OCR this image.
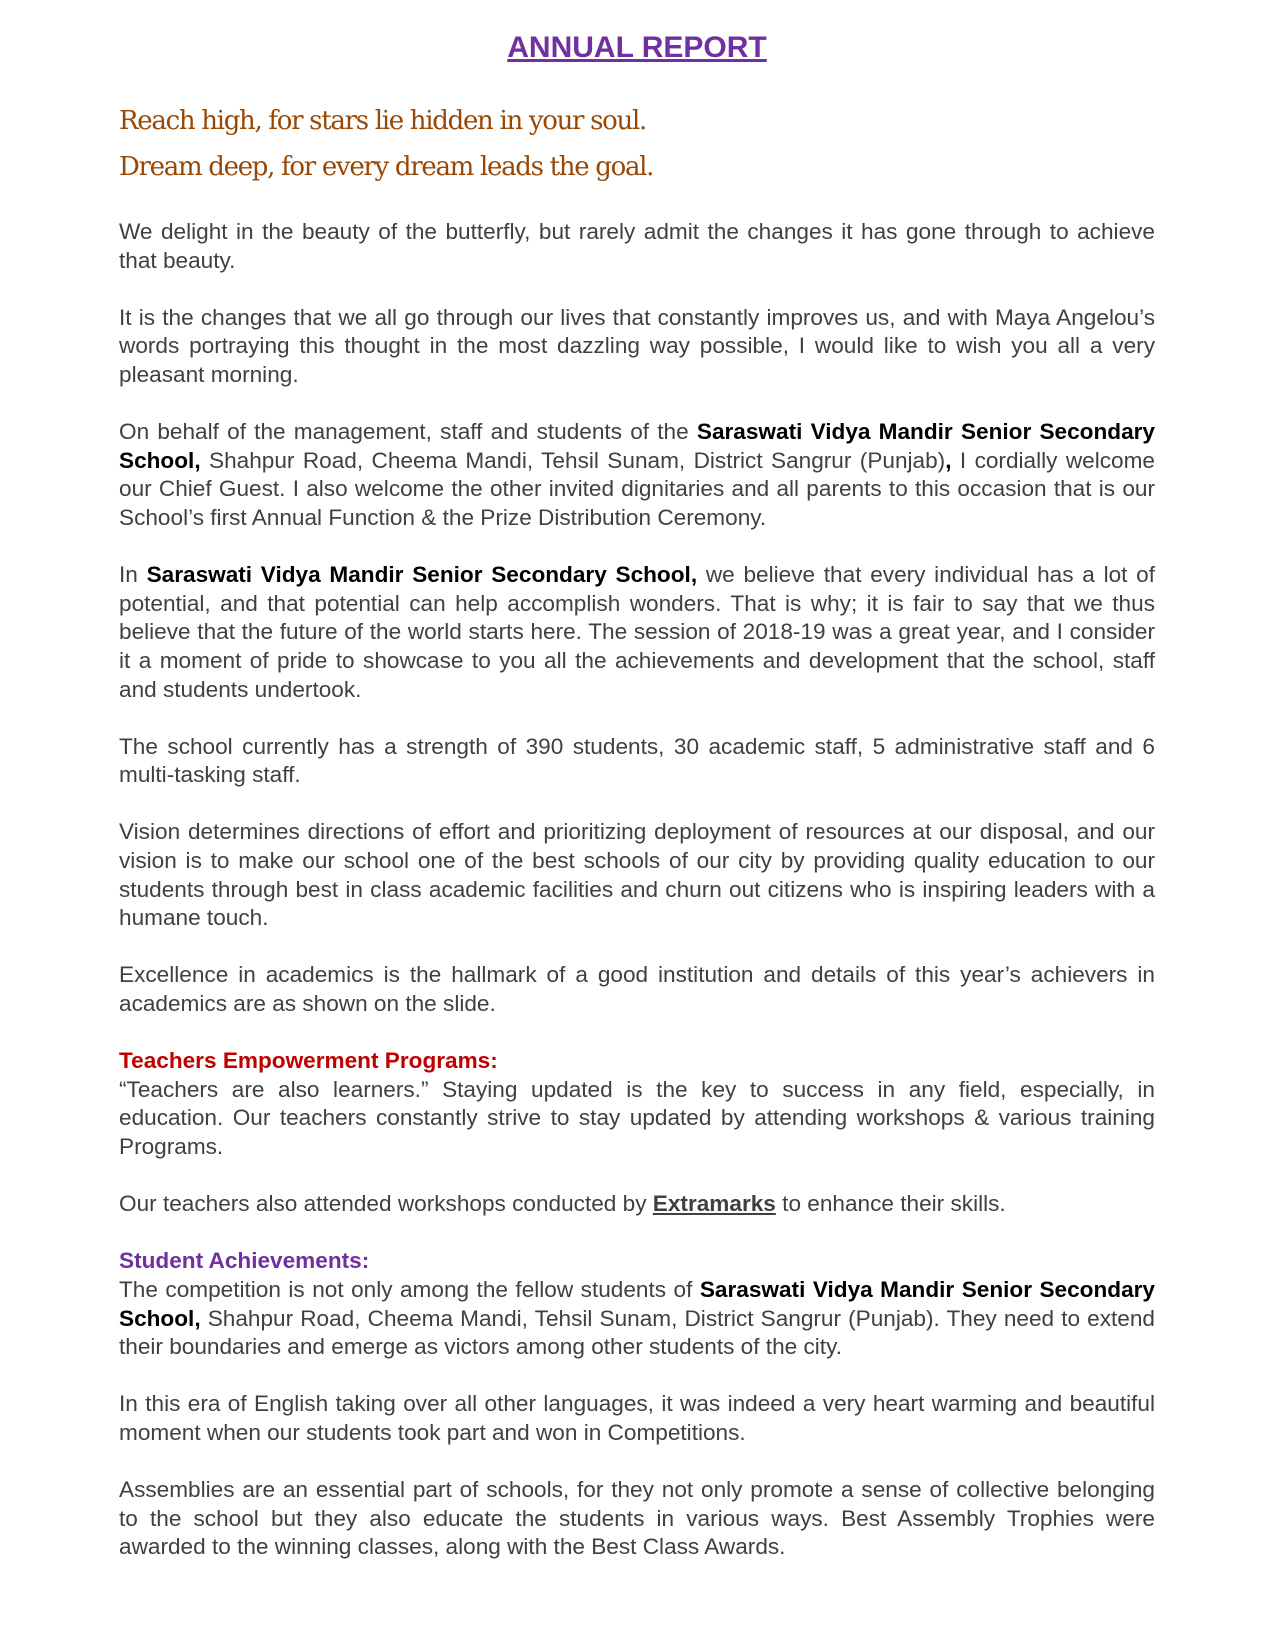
ANNUAL REPORT

Reach high, for stars lie hidden in your soul.

Dream deep, for every dream leads the goal.

We delight in the beauty of the butterfly, but rarely admit the changes it has gone through to achieve that beauty.

It is the changes that we all go through our lives that constantly improves us, and with Maya Angelou’s words portraying this thought in the most dazzling way possible, I would like to wish you all a very pleasant morning.

On behalf of the management, staff and students of the Saraswati Vidya Mandir Senior Secondary School, Shahpur Road, Cheema Mandi, Tehsil Sunam, District Sangrur (Punjab), I cordially welcome our Chief Guest. I also welcome the other invited dignitaries and all parents to this occasion that is our School’s first Annual Function & the Prize Distribution Ceremony.

In Saraswati Vidya Mandir Senior Secondary School, we believe that every individual has a lot of potential, and that potential can help accomplish wonders. That is why; it is fair to say that we thus believe that the future of the world starts here. The session of 2018-19 was a great year, and I consider it a moment of pride to showcase to you all the achievements and development that the school, staff and students undertook.

The school currently has a strength of 390 students, 30 academic staff, 5 administrative staff and 6 multi-tasking staff.

Vision determines directions of effort and prioritizing deployment of resources at our disposal, and our vision is to make our school one of the best schools of our city by providing quality education to our students through best in class academic facilities and churn out citizens who is inspiring leaders with a humane touch.

Excellence in academics is the hallmark of a good institution and details of this year’s achievers in academics are as shown on the slide.

Teachers Empowerment Programs:

“Teachers are also learners.” Staying updated is the key to success in any field, especially, in education. Our teachers constantly strive to stay updated by attending workshops & various training Programs.

Our teachers also attended workshops conducted by Extramarks to enhance their skills.

Student Achievements:

The competition is not only among the fellow students of Saraswati Vidya Mandir Senior Secondary School, Shahpur Road, Cheema Mandi, Tehsil Sunam, District Sangrur (Punjab). They need to extend their boundaries and emerge as victors among other students of the city.

In this era of English taking over all other languages, it was indeed a very heart warming and beautiful moment when our students took part and won in Competitions.

Assemblies are an essential part of schools, for they not only promote a sense of collective belonging to the school but they also educate the students in various ways. Best Assembly Trophies were awarded to the winning classes, along with the Best Class Awards.
